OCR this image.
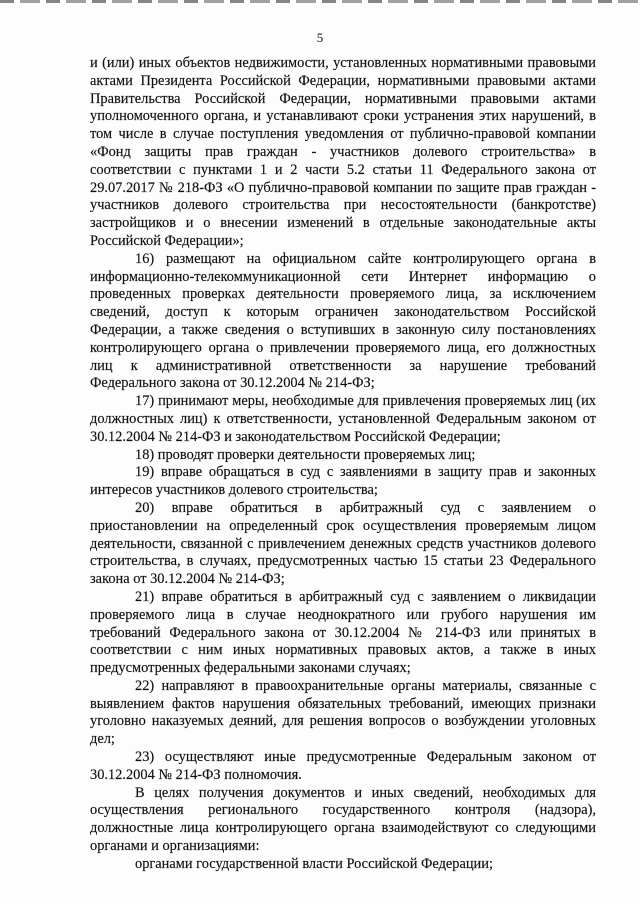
5

и (или) иных объектов недвижимости, установленных нормативными правовыми актами Президента Российской Федерации, нормативными правовыми актами Правительства Российской Федерации, нормативными правовыми актами уполномоченного органа, и устанавливают сроки устранения этих нарушений, в том числе в случае поступления уведомления от публично-правовой компании «Фонд защиты прав граждан - участников долевого строительства» в соответствии с пунктами 1 и 2 части 5.2 статьи 11 Федерального закона от 29.07.2017 № 218-ФЗ «О публично-правовой компании по защите прав граждан - участников долевого строительства при несостоятельности (банкротстве) застройщиков и о внесении изменений в отдельные законодательные акты Российской Федерации»;

16) размещают на официальном сайте контролирующего органа в информационно-телекоммуникационной сети Интернет информацию о проведенных проверках деятельности проверяемого лица, за исключением сведений, доступ к которым ограничен законодательством Российской Федерации, а также сведения о вступивших в законную силу постановлениях контролирующего органа о привлечении проверяемого лица, его должностных лиц к административной ответственности за нарушение требований Федерального закона от 30.12.2004 № 214-ФЗ;

17) принимают меры, необходимые для привлечения проверяемых лиц (их должностных лиц) к ответственности, установленной Федеральным законом от 30.12.2004 № 214-ФЗ и законодательством Российской Федерации;

18) проводят проверки деятельности проверяемых лиц;

19) вправе обращаться в суд с заявлениями в защиту прав и законных интересов участников долевого строительства;

20) вправе обратиться в арбитражный суд с заявлением о приостановлении на определенный срок осуществления проверяемым лицом деятельности, связанной с привлечением денежных средств участников долевого строительства, в случаях, предусмотренных частью 15 статьи 23 Федерального закона от 30.12.2004 № 214-ФЗ;

21) вправе обратиться в арбитражный суд с заявлением о ликвидации проверяемого лица в случае неоднократного или грубого нарушения им требований Федерального закона от 30.12.2004 № 214-ФЗ или принятых в соответствии с ним иных нормативных правовых актов, а также в иных предусмотренных федеральными законами случаях;

22) направляют в правоохранительные органы материалы, связанные с выявлением фактов нарушения обязательных требований, имеющих признаки уголовно наказуемых деяний, для решения вопросов о возбуждении уголовных дел;

23) осуществляют иные предусмотренные Федеральным законом от 30.12.2004 № 214-ФЗ полномочия.

В целях получения документов и иных сведений, необходимых для осуществления регионального государственного контроля (надзора), должностные лица контролирующего органа взаимодействуют со следующими органами и организациями:

органами государственной власти Российской Федерации;
